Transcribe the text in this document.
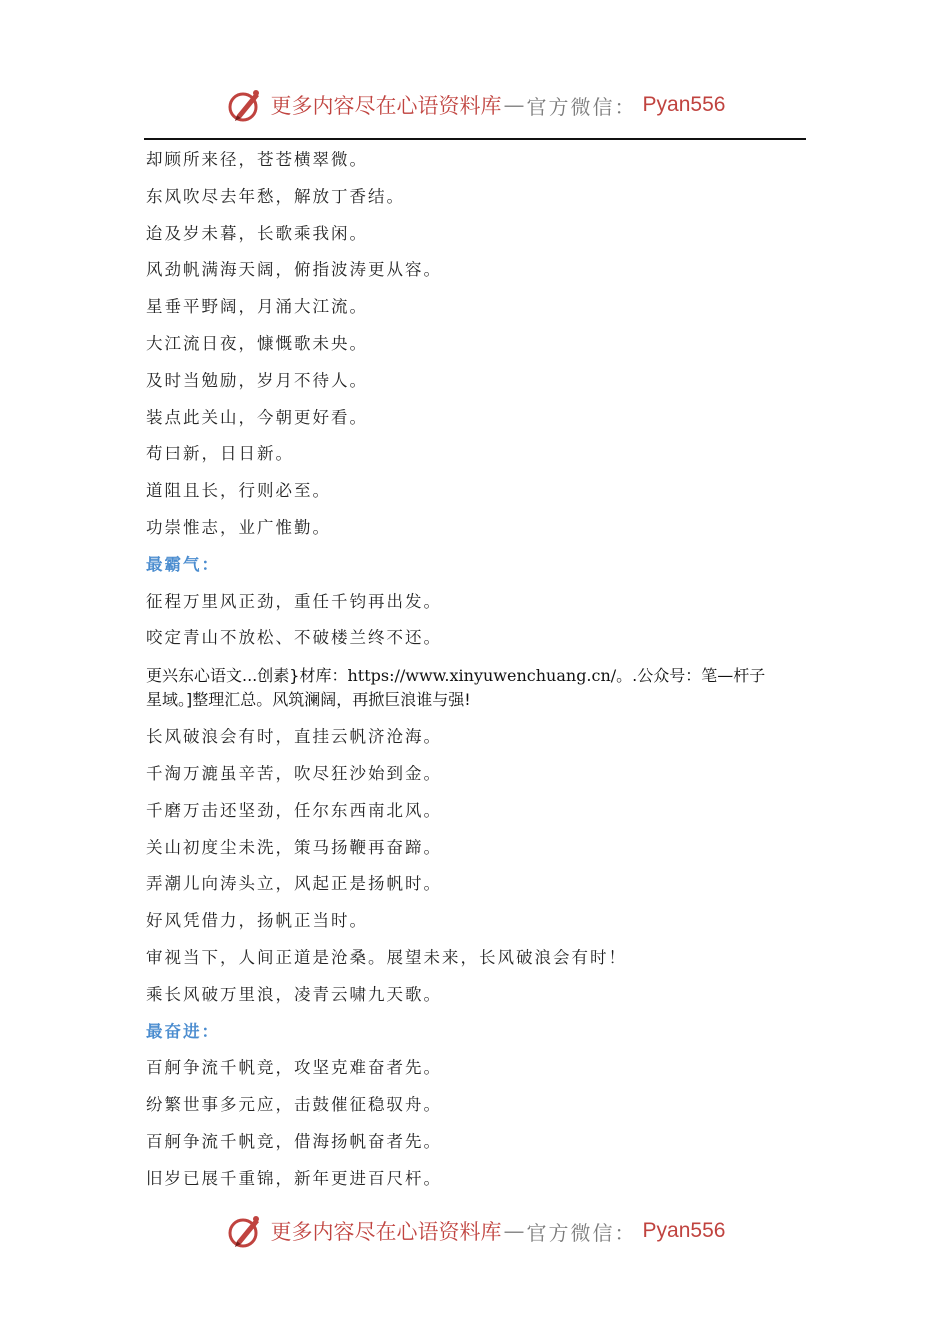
更多内容尽在心语资料库 — 官方微信： Pyan556
却顾所来径，苍苍横翠微。
东风吹尽去年愁，解放丁香结。
迨及岁未暮，长歌乘我闲。
风劲帆满海天阔，俯指波涛更从容。
星垂平野阔，月涌大江流。
大江流日夜，慷慨歌未央。
及时当勉励，岁月不待人。
装点此关山，今朝更好看。
苟曰新，日日新。
道阻且长，行则必至。
功崇惟志，业广惟勤。
最霸气：
征程万里风正劲，重任千钧再出发。
咬定青山不放松、不破楼兰终不还。
更兴东心语文...创素}材库：https://www.xinyuwenchuang.cn/。.公众号：笔—杆子
星域。]整理汇总。风筑澜阔，再掀巨浪谁与强!
长风破浪会有时，直挂云帆济沧海。
千淘万漉虽辛苦，吹尽狂沙始到金。
千磨万击还坚劲，任尔东西南北风。
关山初度尘未洗，策马扬鞭再奋蹄。
弄潮儿向涛头立，风起正是扬帆时。
好风凭借力，扬帆正当时。
审视当下，人间正道是沧桑。展望未来，长风破浪会有时！
乘长风破万里浪，凌青云啸九天歌。
最奋进：
百舸争流千帆竞，攻坚克难奋者先。
纷繁世事多元应，击鼓催征稳驭舟。
百舸争流千帆竞，借海扬帆奋者先。
旧岁已展千重锦，新年更进百尺杆。
更多内容尽在心语资料库 — 官方微信： Pyan556
